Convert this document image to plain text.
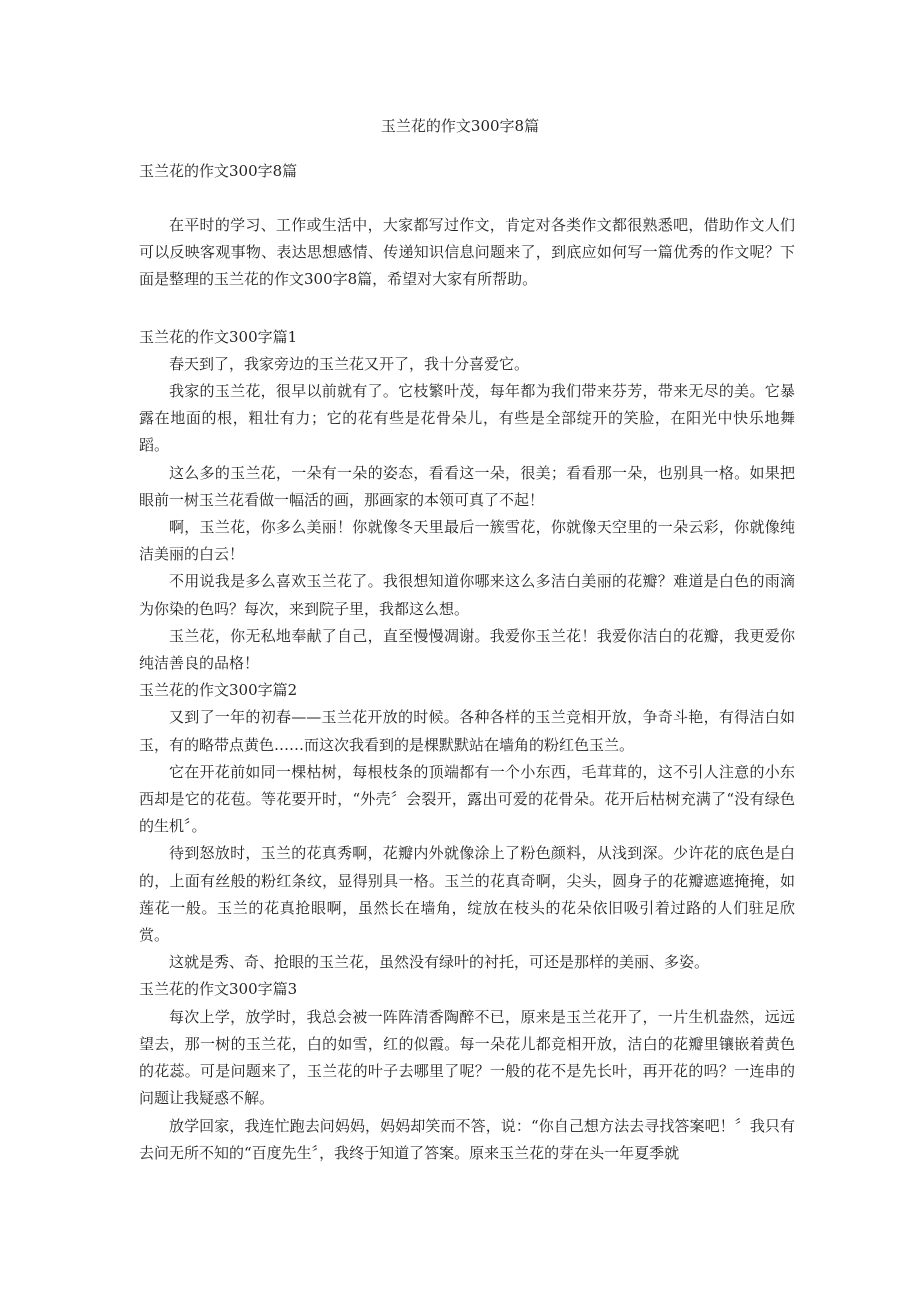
玉兰花的作文300字8篇
玉兰花的作文300字8篇

在平时的学习、工作或生活中，大家都写过作文，肯定对各类作文都很熟悉吧，借助作文人们可以反映客观事物、表达思想感情、传递知识信息问题来了，到底应如何写一篇优秀的作文呢？下面是整理的玉兰花的作文300字8篇，希望对大家有所帮助。

玉兰花的作文300字篇1

春天到了，我家旁边的玉兰花又开了，我十分喜爱它。

我家的玉兰花，很早以前就有了。它枝繁叶茂，每年都为我们带来芬芳，带来无尽的美。它暴露在地面的根，粗壮有力；它的花有些是花骨朵儿，有些是全部绽开的笑脸，在阳光中快乐地舞蹈。

这么多的玉兰花，一朵有一朵的姿态，看看这一朵，很美；看看那一朵，也别具一格。如果把眼前一树玉兰花看做一幅活的画，那画家的本领可真了不起！

啊，玉兰花，你多么美丽！你就像冬天里最后一簇雪花，你就像天空里的一朵云彩，你就像纯洁美丽的白云！

不用说我是多么喜欢玉兰花了。我很想知道你哪来这么多洁白美丽的花瓣？难道是白色的雨滴为你染的色吗？每次，来到院子里，我都这么想。

玉兰花，你无私地奉献了自己，直至慢慢凋谢。我爱你玉兰花！我爱你洁白的花瓣，我更爱你纯洁善良的品格！

玉兰花的作文300字篇2

又到了一年的初春——玉兰花开放的时候。各种各样的玉兰竞相开放，争奇斗艳，有得洁白如玉，有的略带点黄色……而这次我看到的是棵默默站在墙角的粉红色玉兰。

它在开花前如同一棵枯树，每根枝条的顶端都有一个小东西，毛茸茸的，这不引人注意的小东西却是它的花苞。等花要开时，“外壳〞会裂开，露出可爱的花骨朵。花开后枯树充满了“没有绿色的生机〞。

待到怒放时，玉兰的花真秀啊，花瓣内外就像涂上了粉色颜料，从浅到深。少许花的底色是白的，上面有丝般的粉红条纹，显得别具一格。玉兰的花真奇啊，尖头，圆身子的花瓣遮遮掩掩，如莲花一般。玉兰的花真抢眼啊，虽然长在墙角，绽放在枝头的花朵依旧吸引着过路的人们驻足欣赏。

这就是秀、奇、抢眼的玉兰花，虽然没有绿叶的衬托，可还是那样的美丽、多姿。

玉兰花的作文300字篇3

每次上学，放学时，我总会被一阵阵清香陶醉不已，原来是玉兰花开了，一片生机盎然，远远望去，那一树的玉兰花，白的如雪，红的似霞。每一朵花儿都竞相开放，洁白的花瓣里镶嵌着黄色的花蕊。可是问题来了，玉兰花的叶子去哪里了呢？一般的花不是先长叶，再开花的吗？一连串的问题让我疑惑不解。

放学回家，我连忙跑去问妈妈，妈妈却笑而不答，说：“你自己想方法去寻找答案吧！〞我只有去问无所不知的“百度先生〞，我终于知道了答案。原来玉兰花的芽在头一年夏季就
